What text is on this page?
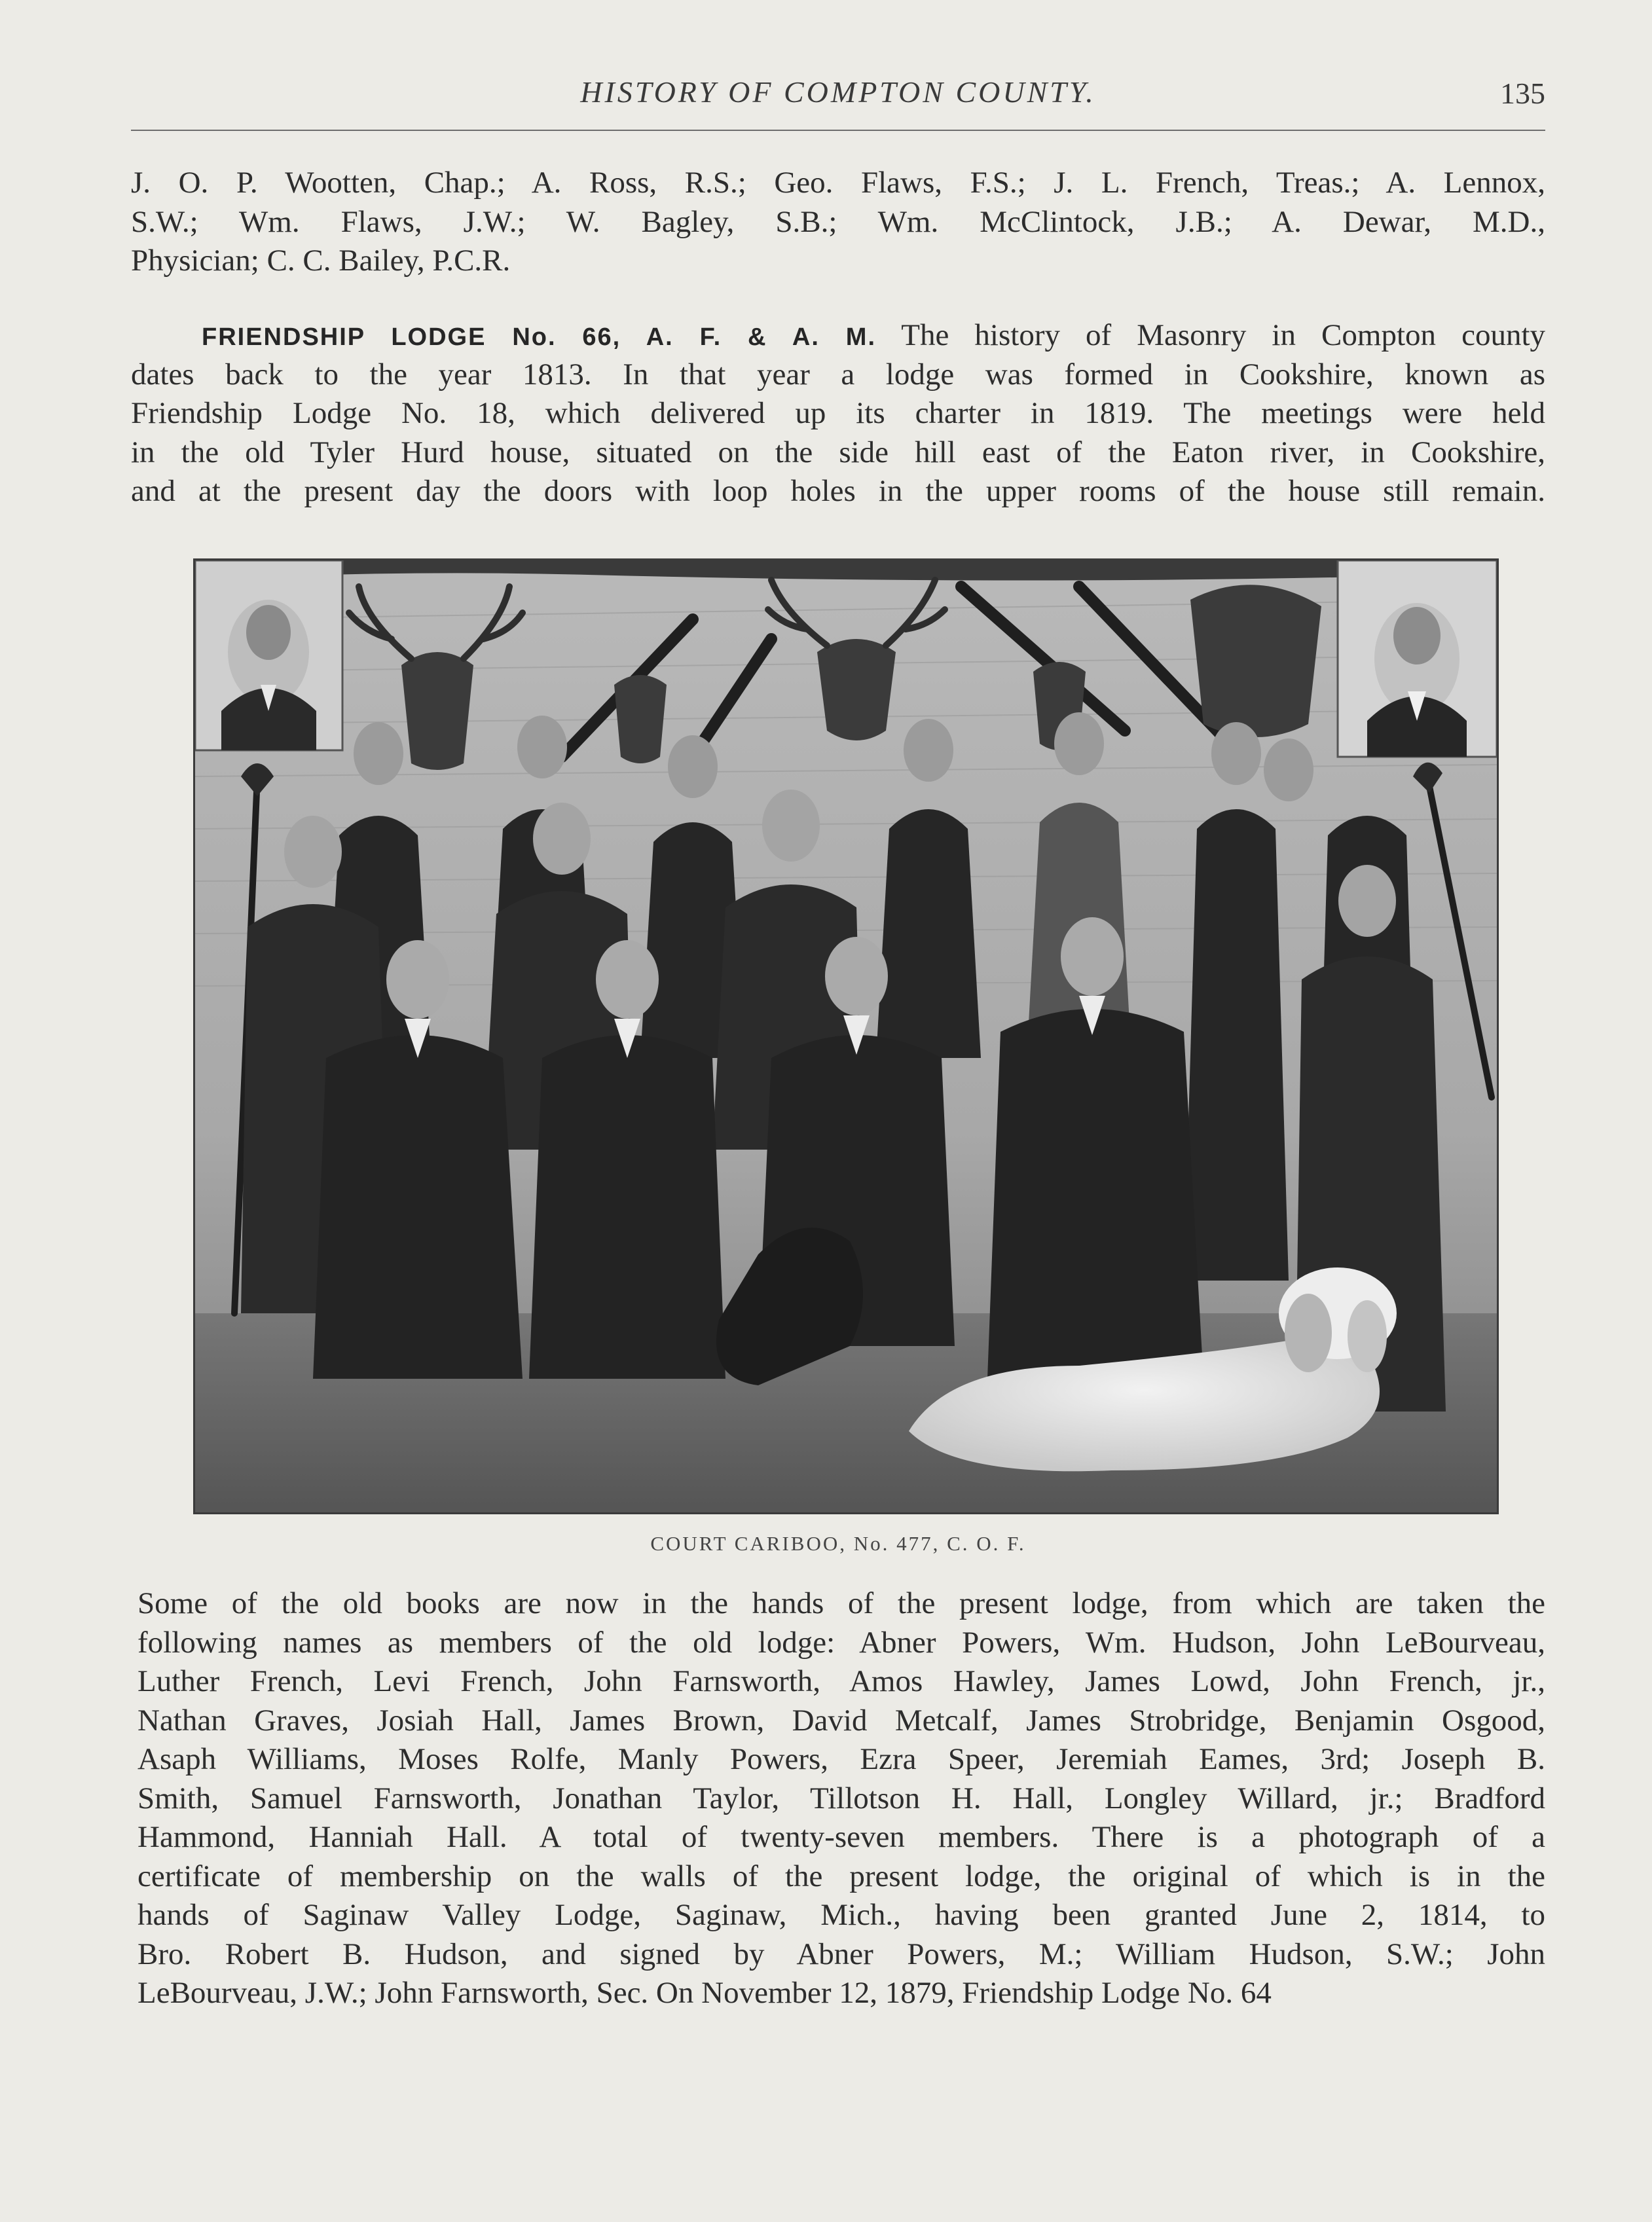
HISTORY OF COMPTON COUNTY.	135
J. O. P. Wootten, Chap.; A. Ross, R.S.; Geo. Flaws, F.S.; J. L. French, Treas.; A. Lennox,
S.W.; Wm. Flaws, J.W.; W. Bagley, S.B.; Wm. McClintock, J.B.; A. Dewar, M.D.,
Physician; C. C. Bailey, P.C.R.
FRIENDSHIP LODGE No. 66, A. F. & A. M. The history of Masonry in Compton county
dates back to the year 1813. In that year a lodge was formed in Cookshire, known as
Friendship Lodge No. 18, which delivered up its charter in 1819. The meetings were held
in the old Tyler Hurd house, situated on the side hill east of the Eaton river, in Cookshire,
and at the present day the doors with loop holes in the upper rooms of the house still remain.
COURT CARIBOO, No. 477, C. O. F.
Some of the old books are now in the hands of the present lodge, from which are taken the
following names as members of the old lodge: Abner Powers, Wm. Hudson, John LeBourveau,
Luther French, Levi French, John Farnsworth, Amos Hawley, James Lowd, John French, jr.,
Nathan Graves, Josiah Hall, James Brown, David Metcalf, James Strobridge, Benjamin Osgood,
Asaph Williams, Moses Rolfe, Manly Powers, Ezra Speer, Jeremiah Eames, 3rd; Joseph B.
Smith, Samuel Farnsworth, Jonathan Taylor, Tillotson H. Hall, Longley Willard, jr.; Bradford
Hammond, Hanniah Hall. A total of twenty-seven members. There is a photograph of a
certificate of membership on the walls of the present lodge, the original of which is in the
hands of Saginaw Valley Lodge, Saginaw, Mich., having been granted June 2, 1814, to
Bro. Robert B. Hudson, and signed by Abner Powers, M.; William Hudson, S.W.; John
LeBourveau, J.W.; John Farnsworth, Sec. On November 12, 1879, Friendship Lodge No. 64
